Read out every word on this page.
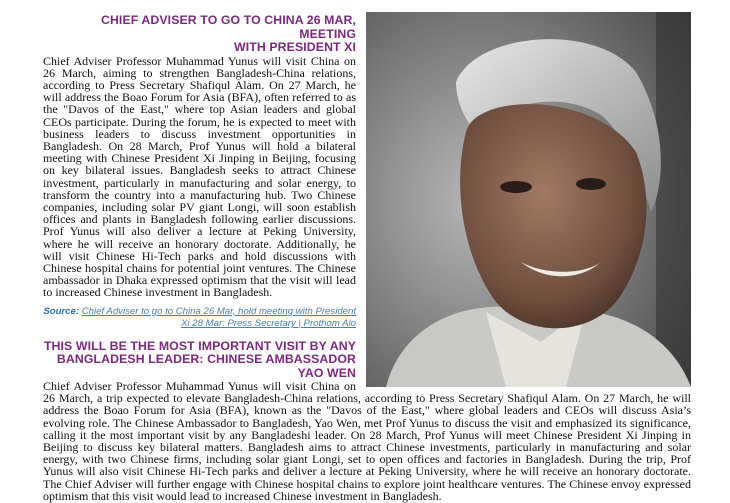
CHIEF ADVISER TO GO TO CHINA 26 MAR, MEETING
WITH PRESIDENT XI

Chief Adviser Professor Muhammad Yunus will visit China on 26 March, aiming to strengthen Bangladesh-China relations, according to Press Secretary Shafiqul Alam. On 27 March, he will address the Boao Forum for Asia (BFA), often referred to as the "Davos of the East," where top Asian leaders and global CEOs participate. During the forum, he is expected to meet with business leaders to discuss investment opportunities in Bangladesh. On 28 March, Prof Yunus will hold a bilateral meeting with Chinese President Xi Jinping in Beijing, focusing on key bilateral issues. Bangladesh seeks to attract Chinese investment, particularly in manufacturing and solar energy, to transform the country into a manufacturing hub. Two Chinese companies, including solar PV giant Longi, will soon establish offices and plants in Bangladesh following earlier discussions. Prof Yunus will also deliver a lecture at Peking University, where he will receive an honorary doctorate. Additionally, he will visit Chinese Hi-Tech parks and hold discussions with Chinese hospital chains for potential joint ventures. The Chinese ambassador in Dhaka expressed optimism that the visit will lead to increased Chinese investment in Bangladesh.

Source: Chief Adviser to go to China 26 Mar, hold meeting with President Xi 28 Mar: Press Secretary | Prothom Alo
THIS WILL BE THE MOST IMPORTANT VISIT BY ANY
BANGLADESH LEADER: CHINESE AMBASSADOR YAO WEN

Chief Adviser Professor Muhammad Yunus will visit China on 26 March, a trip expected to elevate Bangladesh-China relations, according to Press Secretary Shafiqul Alam. On 27 March, he will address the Boao Forum for Asia (BFA), known as the "Davos of the East," where global leaders and CEOs will discuss Asia’s evolving role. The Chinese Ambassador to Bangladesh, Yao Wen, met Prof Yunus to discuss the visit and emphasized its significance, calling it the most important visit by any Bangladeshi leader. On 28 March, Prof Yunus will meet Chinese President Xi Jinping in Beijing to discuss key bilateral matters. Bangladesh aims to attract Chinese investments, particularly in manufacturing and solar energy, with two Chinese firms, including solar giant Longi, set to open offices and factories in Bangladesh. During the trip, Prof Yunus will also visit Chinese Hi-Tech parks and deliver a lecture at Peking University, where he will receive an honorary doctorate. The Chief Adviser will further engage with Chinese hospital chains to explore joint healthcare ventures. The Chinese envoy expressed optimism that this visit would lead to increased Chinese investment in Bangladesh.
